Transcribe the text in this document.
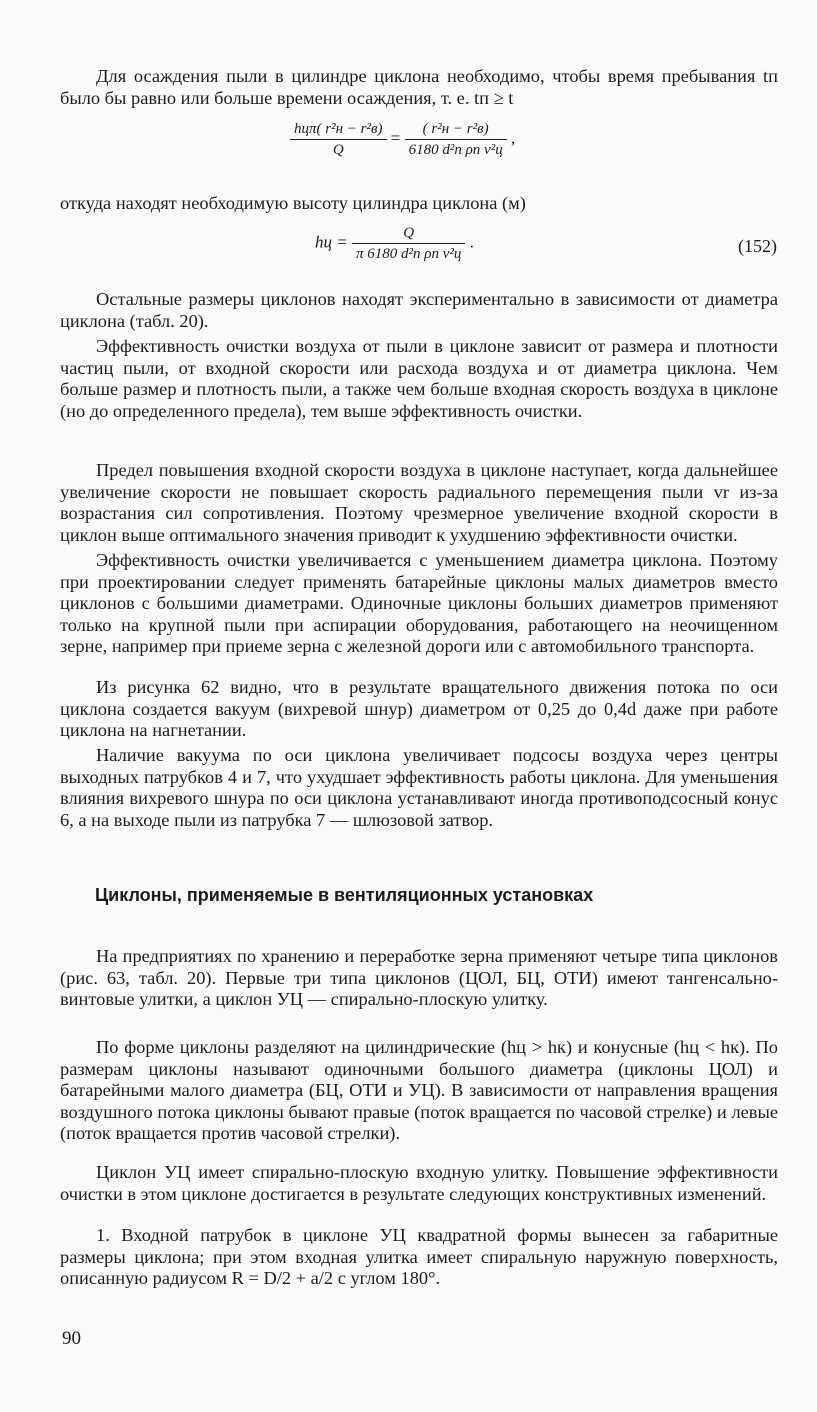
Для осаждения пыли в цилиндре циклона необходимо, чтобы время пребывания tп было бы равно или больше времени осаждения, т. е. tп ≥ t

$\frac{\text{hцπ( r²н − r²в)}}{Q} = \frac{\text{( r²н − r²в)}}{\text{6180 d²п ρп v²ц}}$ ,

откуда находят необходимую высоту цилиндра циклона (м)

hц = $\frac{Q}{\text{π 6180 d²п ρп v²ц}}$ .	(152)

Остальные размеры циклонов находят экспериментально в зависимости от диаметра циклона (табл. 20).

Эффективность очистки воздуха от пыли в циклоне зависит от размера и плотности частиц пыли, от входной скорости или расхода воздуха и от диаметра циклона. Чем больше размер и плотность пыли, а также чем больше входная скорость воздуха в циклоне (но до определенного предела), тем выше эффективность очистки.

Предел повышения входной скорости воздуха в циклоне наступает, когда дальнейшее увеличение скорости не повышает скорость радиального перемещения пыли vr из-за возрастания сил сопротивления. Поэтому чрезмерное увеличение входной скорости в циклон выше оптимального значения приводит к ухудшению эффективности очистки.

Эффективность очистки увеличивается с уменьшением диаметра циклона. Поэтому при проектировании следует применять батарейные циклоны малых диаметров вместо циклонов с большими диаметрами. Одиночные циклоны больших диаметров применяют только на крупной пыли при аспирации оборудования, работающего на неочищенном зерне, например при приеме зерна с железной дороги или с автомобильного транспорта.

Из рисунка 62 видно, что в результате вращательного движения потока по оси циклона создается вакуум (вихревой шнур) диаметром от 0,25 до 0,4d даже при работе циклона на нагнетании.

Наличие вакуума по оси циклона увеличивает подсосы воздуха через центры выходных патрубков 4 и 7, что ухудшает эффективность работы циклона. Для уменьшения влияния вихревого шнура по оси циклона устанавливают иногда противоподсосный конус 6, а на выходе пыли из патрубка 7 — шлюзовой затвор.

Циклоны, применяемые в вентиляционных установках

На предприятиях по хранению и переработке зерна применяют четыре типа циклонов (рис. 63, табл. 20). Первые три типа циклонов (ЦОЛ, БЦ, ОТИ) имеют тангенсально-винтовые улитки, а циклон УЦ — спирально-плоскую улитку.

По форме циклоны разделяют на цилиндрические (hц > hк) и конусные (hц < hк). По размерам циклоны называют одиночными большого диаметра (циклоны ЦОЛ) и батарейными малого диаметра (БЦ, ОТИ и УЦ). В зависимости от направления вращения воздушного потока циклоны бывают правые (поток вращается по часовой стрелке) и левые (поток вращается против часовой стрелки).

Циклон УЦ имеет спирально-плоскую входную улитку. Повышение эффективности очистки в этом циклоне достигается в результате следующих конструктивных изменений.

1. Входной патрубок в циклоне УЦ квадратной формы вынесен за габаритные размеры циклона; при этом входная улитка имеет спиральную наружную поверхность, описанную радиусом R = D/2 + a/2 с углом 180°.

90
